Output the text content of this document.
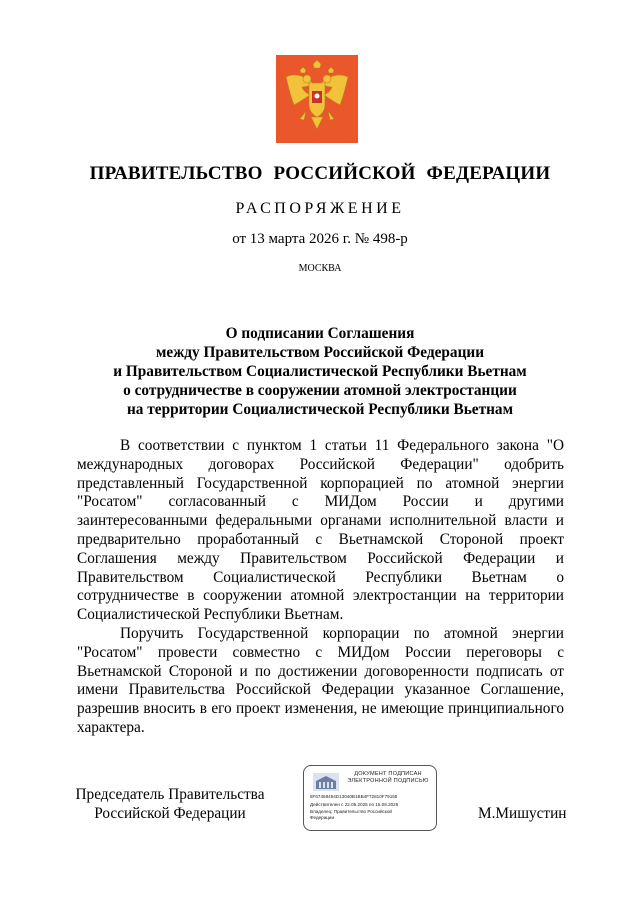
ПРАВИТЕЛЬСТВО РОССИЙСКОЙ ФЕДЕРАЦИИ
РАСПОРЯЖЕНИЕ
от 13 марта 2026 г. № 498-р
МОСКВА
О подписании Соглашения
между Правительством Российской Федерации
и Правительством Социалистической Республики Вьетнам
о сотрудничестве в сооружении атомной электростанции
на территории Социалистической Республики Вьетнам

В соответствии с пунктом 1 статьи 11 Федерального закона "О международных договорах Российской Федерации" одобрить представленный Государственной корпорацией по атомной энергии "Росатом" согласованный с МИДом России и другими заинтересованными федеральными органами исполнительной власти и предварительно проработанный с Вьетнамской Стороной проект Соглашения между Правительством Российской Федерации и Правительством Социалистической Республики Вьетнам о сотрудничестве в сооружении атомной электростанции на территории Социалистической Республики Вьетнам.

Поручить Государственной корпорации по атомной энергии "Росатом" провести совместно с МИДом России переговоры с Вьетнамской Стороной и по достижении договоренности подписать от имени Правительства Российской Федерации указанное Соглашение, разрешив вносить в его проект изменения, не имеющие принципиального характера.

Председатель Правительства
Российской Федерации
ДОКУМЕНТ ПОДПИСАН
ЭЛЕКТРОННОЙ ПОДПИСЬЮ
8F67468454D13040B1BB4F72810F79155
Действителен с 22.05.2025 по 15.08.2026
Владелец: Правительство Российской
Федерации	М.Мишустин
